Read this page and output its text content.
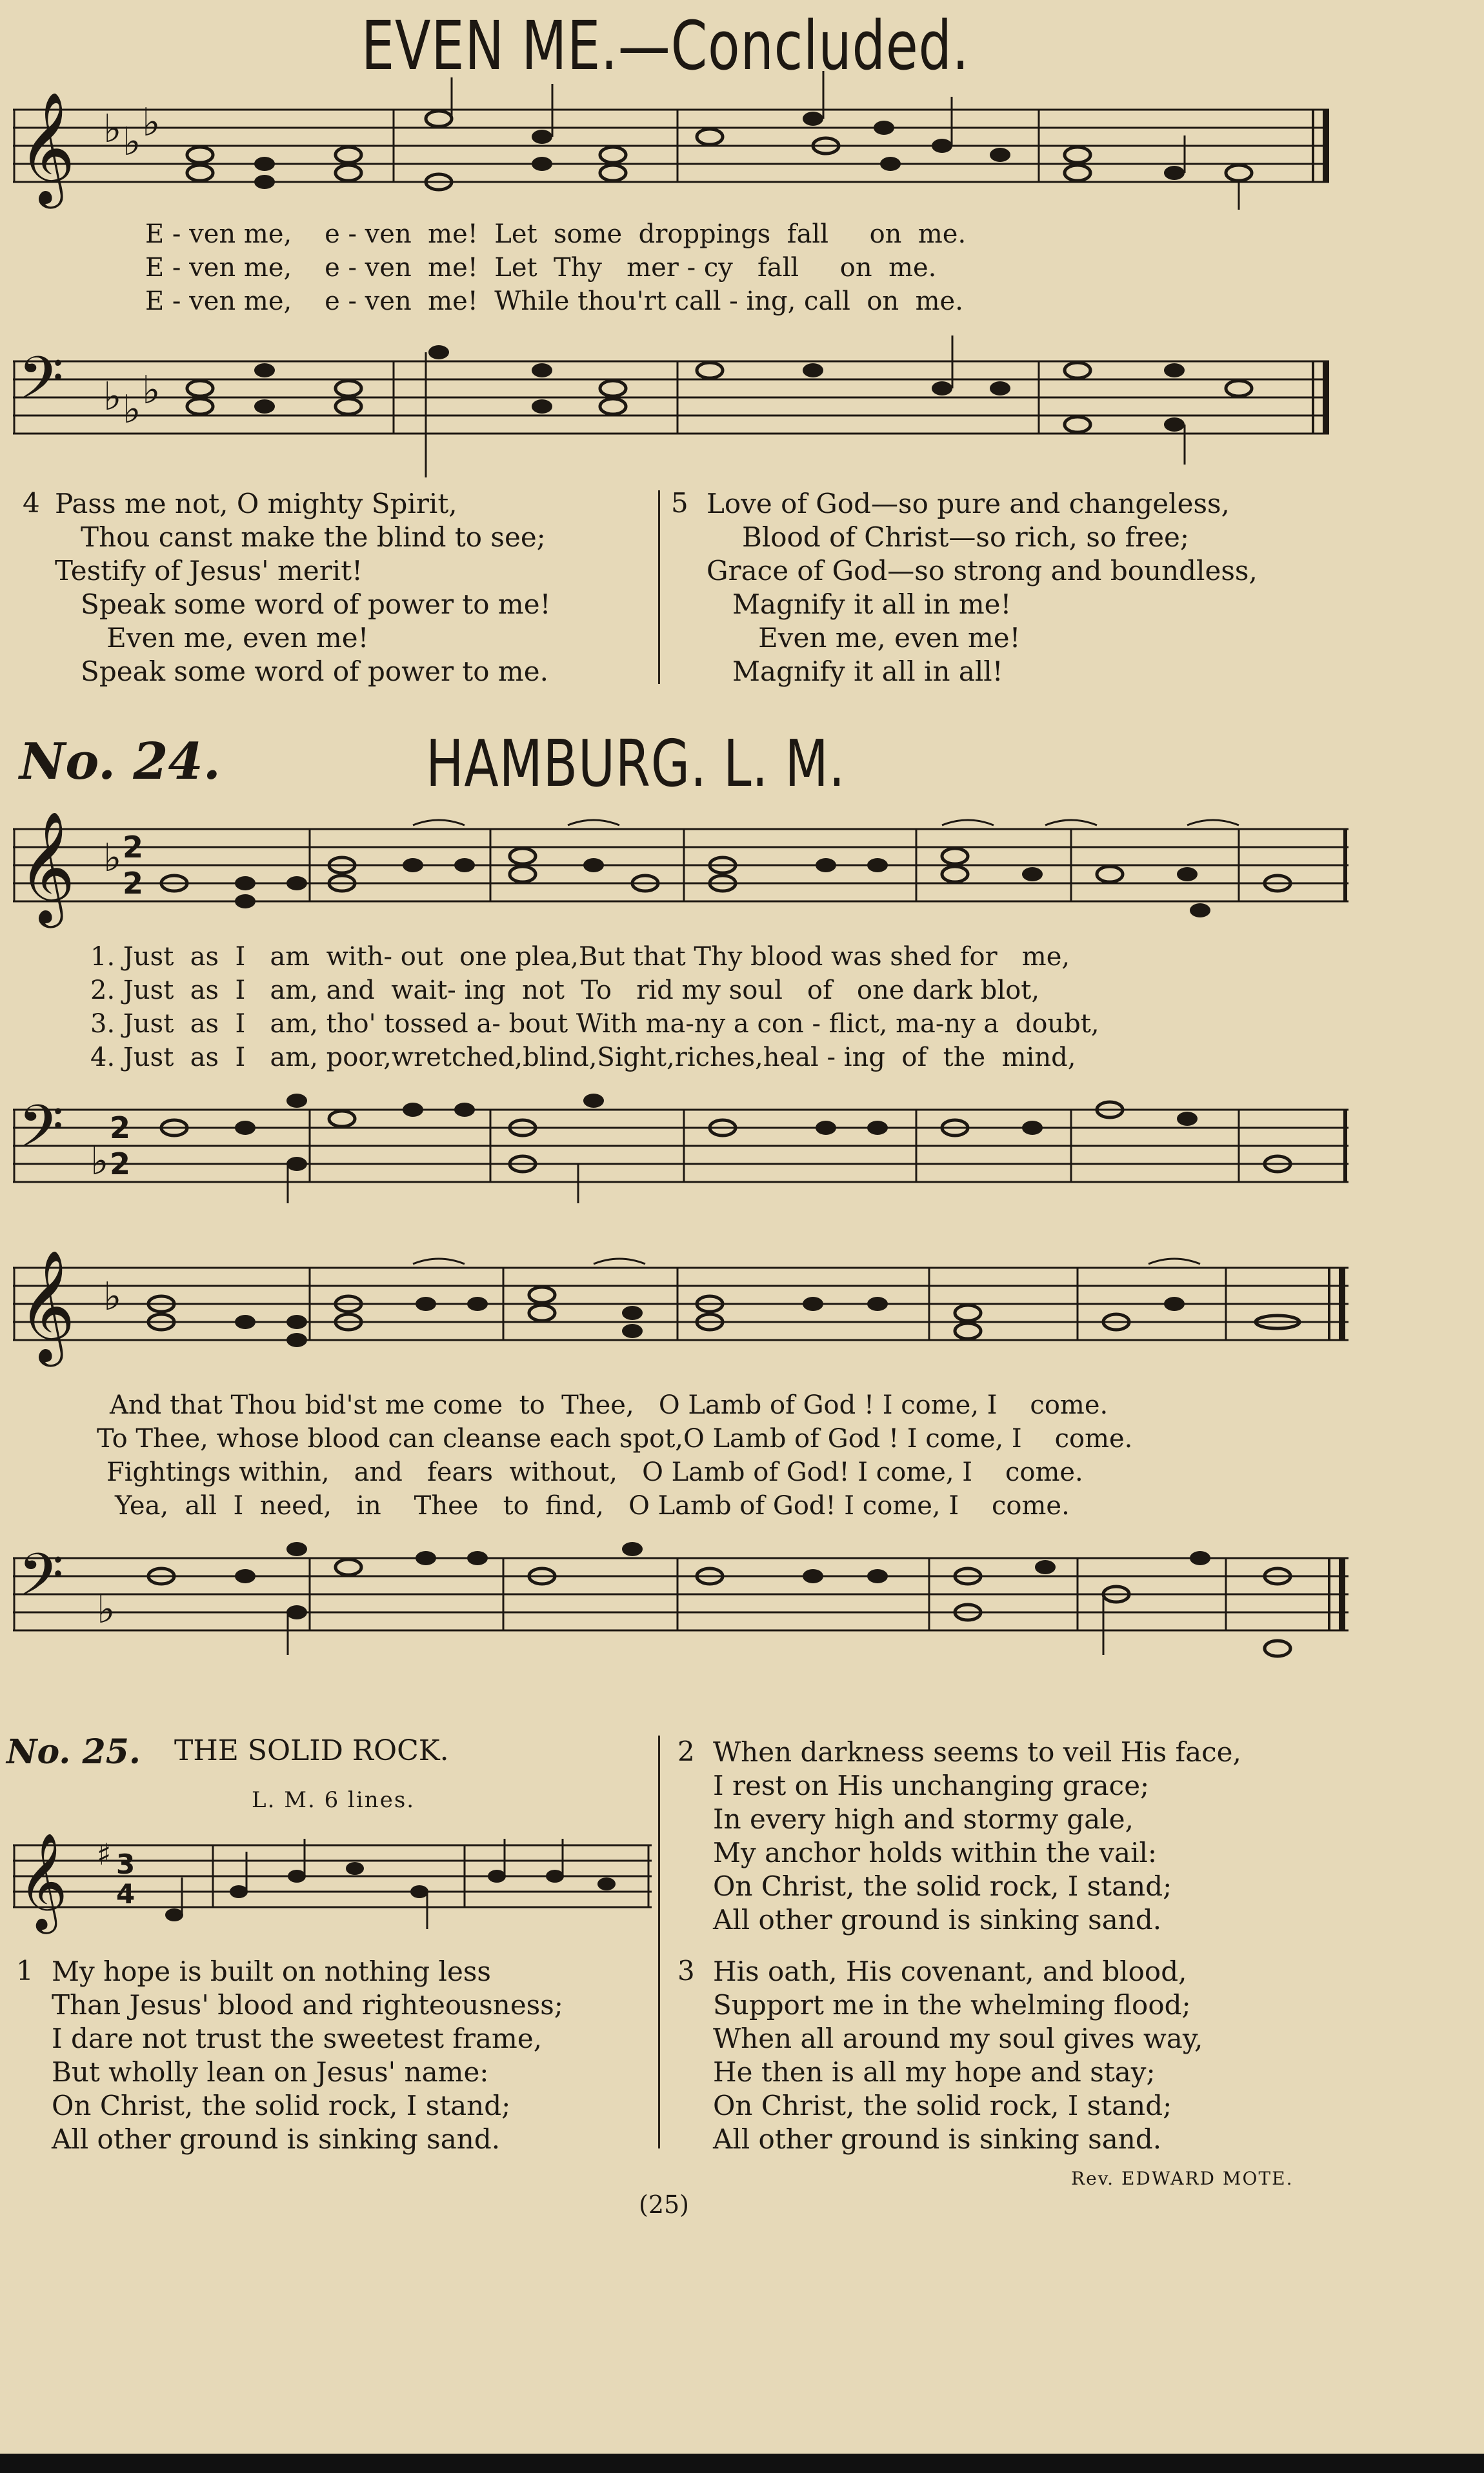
EVEN ME.—Concluded.
𝄞 ♭ ♭ ♭
E - ven me,    e - ven  me!  Let  some  droppings  fall     on  me.
E - ven me,    e - ven  me!  Let  Thy   mer - cy   fall     on  me.
E - ven me,    e - ven  me!  While thou'rt call - ing, call  on  me.
𝄢 ♭ ♭ ♭
4 Pass me not, O mighty Spirit,
Thou canst make the blind to see;
Testify of Jesus' merit!
Speak some word of power to me!
Even me, even me!
Speak some word of power to me.
5 Love of God—so pure and changeless,
Blood of Christ—so rich, so free;
Grace of God—so strong and boundless,
Magnify it all in me!
Even me, even me!
Magnify it all in all!
No. 24.	HAMBURG. L. M.
𝄞 ♭ 2
2
1. Just  as  I   am  with- out  one plea,But that Thy blood was shed for   me,
2. Just  as  I   am, and  wait- ing  not  To   rid my soul   of   one dark blot,
3. Just  as  I   am, tho' tossed a- bout With ma-ny a con - flict, ma-ny a  doubt,
4. Just  as  I   am, poor,wretched,blind,Sight,riches,heal - ing  of  the  mind,
𝄢 ♭
2
2
𝄞 ♭
And that Thou bid'st me come  to  Thee,   O Lamb of God ! I come, I    come.
To Thee, whose blood can cleanse each spot,O Lamb of God ! I come, I    come.
Fightings within,   and   fears  without,   O Lamb of God! I come, I    come.
Yea,  all  I  need,   in    Thee   to  find,   O Lamb of God! I come, I    come.
𝄢 ♭
No. 25. THE SOLID ROCK.
L. M. 6 lines.
𝄞 ♯ 3
4
1 My hope is built on nothing less
Than Jesus' blood and righteousness;
I dare not trust the sweetest frame,
But wholly lean on Jesus' name:
On Christ, the solid rock, I stand;
All other ground is sinking sand.
2 When darkness seems to veil His face,
I rest on His unchanging grace;
In every high and stormy gale,
My anchor holds within the vail:
On Christ, the solid rock, I stand;
All other ground is sinking sand.
3 His oath, His covenant, and blood,
Support me in the whelming flood;
When all around my soul gives way,
He then is all my hope and stay;
On Christ, the solid rock, I stand;
All other ground is sinking sand.
Rev. EDWARD MOTE.
(25)
